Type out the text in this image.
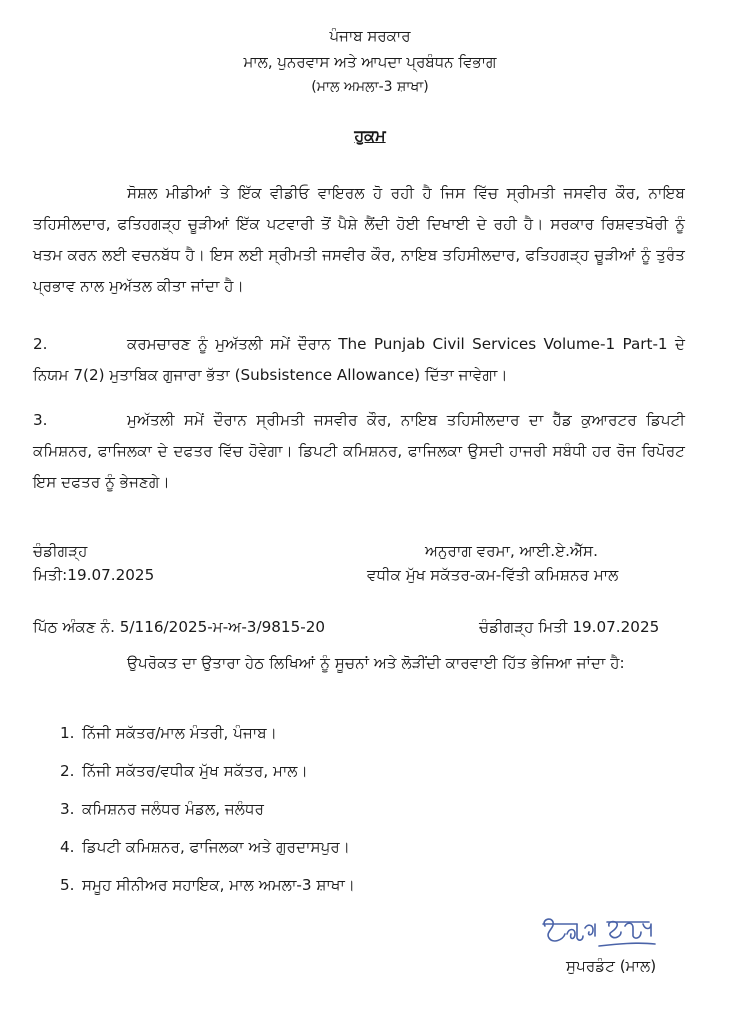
ਪੰਜਾਬ ਸਰਕਾਰ
ਮਾਲ, ਪੁਨਰਵਾਸ ਅਤੇ ਆਪਦਾ ਪ੍ਰਬੰਧਨ ਵਿਭਾਗ
(ਮਾਲ ਅਮਲਾ-3 ਸ਼ਾਖਾ)
ਹੁਕਮ

ਸੋਸ਼ਲ ਮੀਡੀਆਂ ਤੇ ਇੱਕ ਵੀਡੀਓ ਵਾਇਰਲ ਹੋ ਰਹੀ ਹੈ ਜਿਸ ਵਿੱਚ ਸ੍ਰੀਮਤੀ ਜਸਵੀਰ ਕੌਰ, ਨਾਇਬ ਤਹਿਸੀਲਦਾਰ, ਫਤਿਹਗੜ੍ਹ ਚੂੜੀਆਂ ਇੱਕ ਪਟਵਾਰੀ ਤੋਂ ਪੈਸ਼ੇ ਲੈਂਦੀ ਹੋਈ ਦਿਖਾਈ ਦੇ ਰਹੀ ਹੈ। ਸਰਕਾਰ ਰਿਸ਼ਵਤਖੋਰੀ ਨੂੰ ਖਤਮ ਕਰਨ ਲਈ ਵਚਨਬੱਧ ਹੈ। ਇਸ ਲਈ ਸ੍ਰੀਮਤੀ ਜਸਵੀਰ ਕੌਰ, ਨਾਇਬ ਤਹਿਸੀਲਦਾਰ, ਫਤਿਹਗੜ੍ਹ ਚੂੜੀਆਂ ਨੂੰ ਤੁਰੰਤ ਪ੍ਰਭਾਵ ਨਾਲ ਮੁਅੱਤਲ ਕੀਤਾ ਜਾਂਦਾ ਹੈ।

2.	ਕਰਮਚਾਰਣ ਨੂੰ ਮੁਅੱਤਲੀ ਸਮੇਂ ਦੌਰਾਨ The Punjab Civil Services Volume-1 Part-1 ਦੇ ਨਿਯਮ 7(2) ਮੁਤਾਬਿਕ ਗੁਜਾਰਾ ਭੱਤਾ (Subsistence Allowance) ਦਿੱਤਾ ਜਾਵੇਗਾ।

3.	ਮੁਅੱਤਲੀ ਸਮੇਂ ਦੌਰਾਨ ਸ੍ਰੀਮਤੀ ਜਸਵੀਰ ਕੌਰ, ਨਾਇਬ ਤਹਿਸੀਲਦਾਰ ਦਾ ਹੈੱਡ ਕੁਆਰਟਰ ਡਿਪਟੀ ਕਮਿਸ਼ਨਰ, ਫਾਜਿਲਕਾ ਦੇ ਦਫਤਰ ਵਿੱਚ ਹੋਵੇਗਾ। ਡਿਪਟੀ ਕਮਿਸ਼ਨਰ, ਫਾਜਿਲਕਾ ਉਸਦੀ ਹਾਜਰੀ ਸਬੰਧੀ ਹਰ ਰੋਜ ਰਿਪੋਰਟ ਇਸ ਦਫਤਰ ਨੂੰ ਭੇਜਣਗੇ।

ਚੰਡੀਗੜ੍ਹ	ਅਨੁਰਾਗ ਵਰਮਾ, ਆਈ.ਏ.ਐੱਸ.
ਮਿਤੀ:19.07.2025	ਵਧੀਕ ਮੁੱਖ ਸਕੱਤਰ-ਕਮ-ਵਿੱਤੀ ਕਮਿਸ਼ਨਰ ਮਾਲ
ਪਿੱਠ ਅੰਕਣ ਨੰ. 5/116/2025-ਮ-ਅ-3/9815-20	ਚੰਡੀਗੜ੍ਹ ਮਿਤੀ 19.07.2025

ਉਪਰੋਕਤ ਦਾ ਉਤਾਰਾ ਹੇਠ ਲਿਖਿਆਂ ਨੂੰ ਸੂਚਨਾਂ ਅਤੇ ਲੋੜੀਂਦੀ ਕਾਰਵਾਈ ਹਿੱਤ ਭੇਜਿਆ ਜਾਂਦਾ ਹੈ:

1. ਨਿੱਜੀ ਸਕੱਤਰ/ਮਾਲ ਮੰਤਰੀ, ਪੰਜਾਬ।
2. ਨਿੱਜੀ ਸਕੱਤਰ/ਵਧੀਕ ਮੁੱਖ ਸਕੱਤਰ, ਮਾਲ।
3. ਕਮਿਸ਼ਨਰ ਜਲੰਧਰ ਮੰਡਲ, ਜਲੰਧਰ
4. ਡਿਪਟੀ ਕਮਿਸ਼ਨਰ, ਫਾਜਿਲਕਾ ਅਤੇ ਗੁਰਦਾਸਪੁਰ।
5. ਸਮੂਹ ਸੀਨੀਅਰ ਸਹਾਇਕ, ਮਾਲ ਅਮਲਾ-3 ਸ਼ਾਖਾ।
ਸੁਪਰਡੰਟ (ਮਾਲ)
